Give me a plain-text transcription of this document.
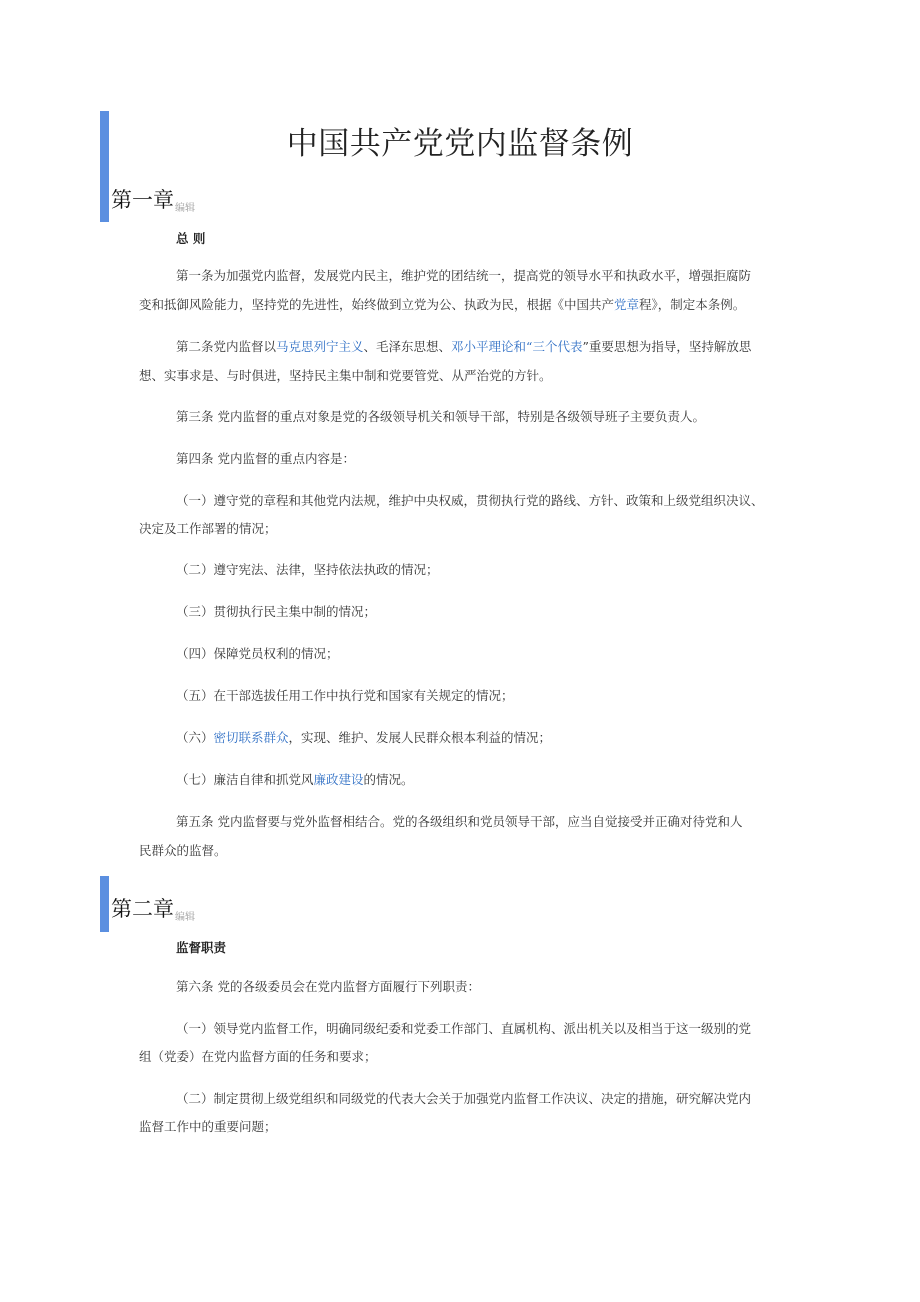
中国共产党党内监督条例
第一章编辑
总 则
第一条为加强党内监督，发展党内民主，维护党的团结统一，提高党的领导水平和执政水平，增强拒腐防
变和抵御风险能力，坚持党的先进性，始终做到立党为公、执政为民，根据《中国共产党章程》，制定本条例。
第二条党内监督以马克思列宁主义、毛泽东思想、邓小平理论和“三个代表”重要思想为指导，坚持解放思
想、实事求是、与时俱进，坚持民主集中制和党要管党、从严治党的方针。
第三条 党内监督的重点对象是党的各级领导机关和领导干部，特别是各级领导班子主要负责人。
第四条 党内监督的重点内容是：
（一）遵守党的章程和其他党内法规，维护中央权威，贯彻执行党的路线、方针、政策和上级党组织决议、
决定及工作部署的情况；
（二）遵守宪法、法律，坚持依法执政的情况；
（三）贯彻执行民主集中制的情况；
（四）保障党员权利的情况；
（五）在干部选拔任用工作中执行党和国家有关规定的情况；
（六）密切联系群众，实现、维护、发展人民群众根本利益的情况；
（七）廉洁自律和抓党风廉政建设的情况。
第五条 党内监督要与党外监督相结合。党的各级组织和党员领导干部，应当自觉接受并正确对待党和人
民群众的监督。
第二章编辑
监督职责
第六条 党的各级委员会在党内监督方面履行下列职责：
（一）领导党内监督工作，明确同级纪委和党委工作部门、直属机构、派出机关以及相当于这一级别的党
组（党委）在党内监督方面的任务和要求；
（二）制定贯彻上级党组织和同级党的代表大会关于加强党内监督工作决议、决定的措施，研究解决党内
监督工作中的重要问题；
